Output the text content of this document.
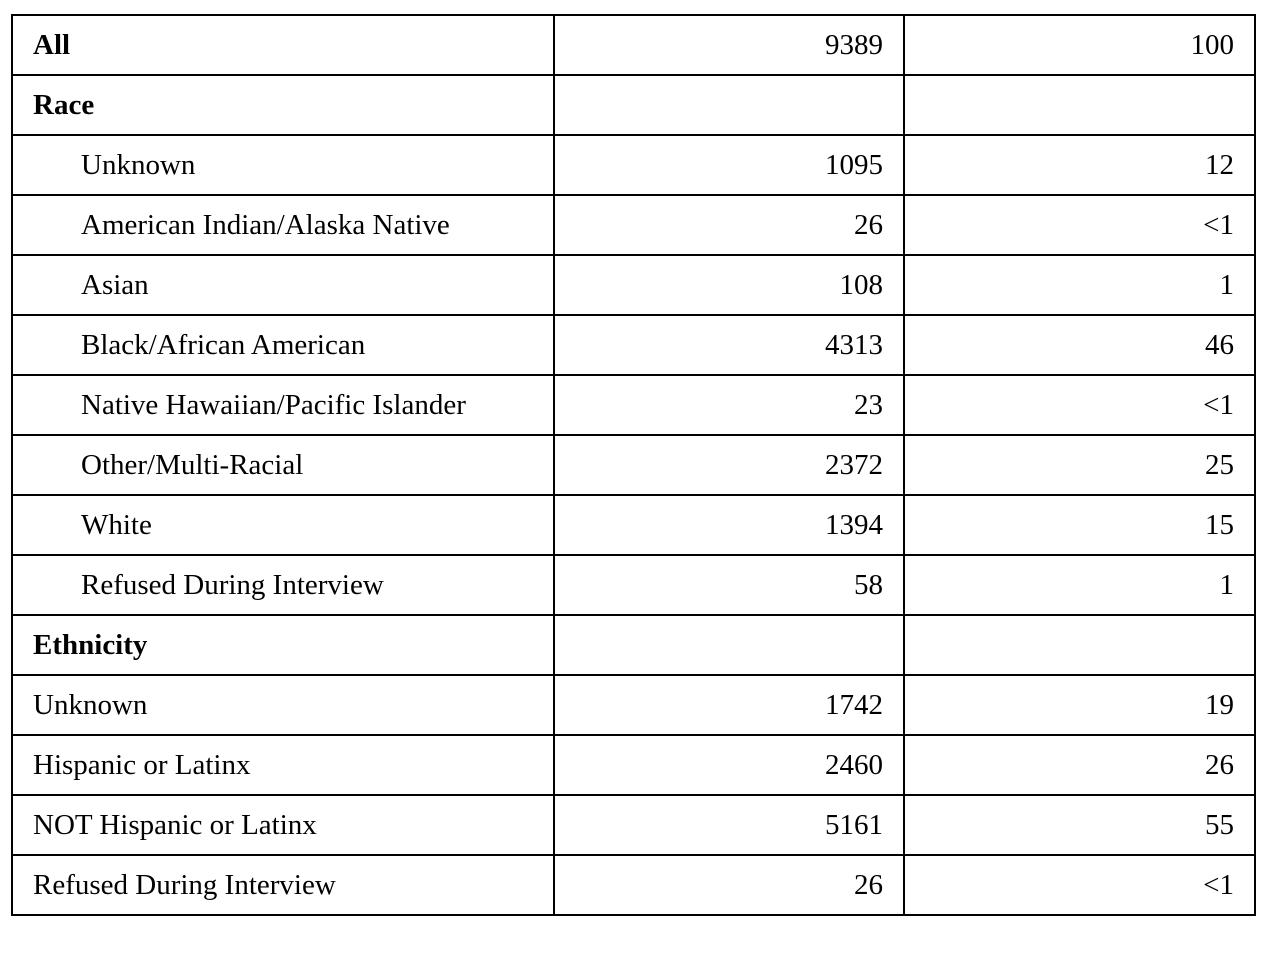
All	9389	100
Race		
Unknown	1095	12
American Indian/Alaska Native	26	<1
Asian	108	1
Black/African American	4313	46
Native Hawaiian/Pacific Islander	23	<1
Other/Multi-Racial	2372	25
White	1394	15
Refused During Interview	58	1
Ethnicity		
Unknown	1742	19
Hispanic or Latinx	2460	26
NOT Hispanic or Latinx	5161	55
Refused During Interview	26	<1
